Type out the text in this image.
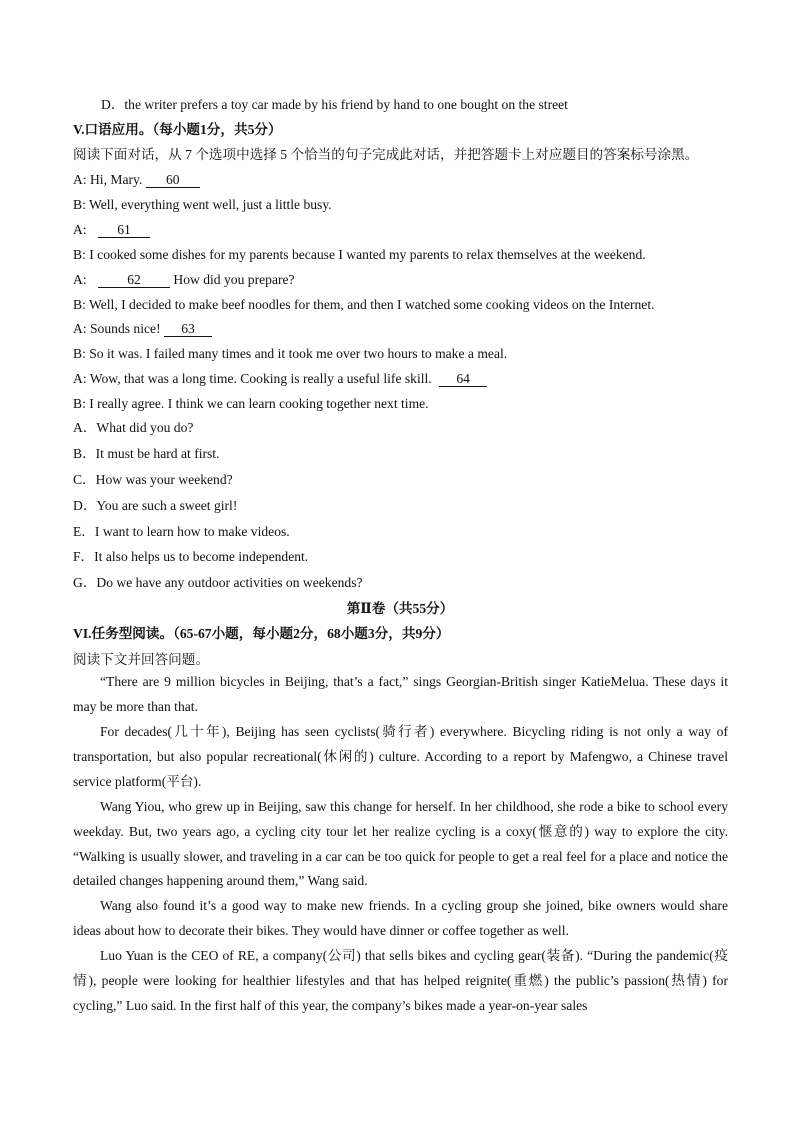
D．the writer prefers a toy car made by his friend by hand to one bought on the street
V.口语应用。（每小题1分，共5分）
阅读下面对话，从 7 个选项中选择 5 个恰当的句子完成此对话，并把答题卡上对应题目的答案标号涂黑。
A: Hi, Mary. 60
B: Well, everything went well, just a little busy.
A: 61
B: I cooked some dishes for my parents because I wanted my parents to relax themselves at the weekend.
A:	62 How did you prepare?
B: Well, I decided to make beef noodles for them, and then I watched some cooking videos on the Internet.
A: Sounds nice! 63
B: So it was. I failed many times and it took me over two hours to make a meal.
A: Wow, that was a long time. Cooking is really a useful life skill. 64
B: I really agree. I think we can learn cooking together next time.
A．What did you do?
B．It must be hard at first.
C．How was your weekend?
D．You are such a sweet girl!
E．I want to learn how to make videos.
F．It also helps us to become independent.
G．Do we have any outdoor activities on weekends?
第Ⅱ卷（共55分）
VI.任务型阅读。（65-67小题，每小题2分，68小题3分，共9分）
阅读下文并回答问题。
“There are 9 million bicycles in Beijing, that’s a fact,” sings Georgian-British singer KatieMelua. These days it may be more than that.
For decades(几十年), Beijing has seen cyclists(骑行者) everywhere. Bicycling riding is not only a way of transportation, but also popular recreational(休闲的) culture. According to a report by Mafengwo, a Chinese travel service platform(平台).
Wang Yiou, who grew up in Beijing, saw this change for herself. In her childhood, she rode a bike to school every weekday. But, two years ago, a cycling city tour let her realize cycling is a coxy(惬意的) way to explore the city. “Walking is usually slower, and traveling in a car can be too quick for people to get a real feel for a place and notice the detailed changes happening around them,” Wang said.
Wang also found it’s a good way to make new friends. In a cycling group she joined, bike owners would share ideas about how to decorate their bikes. They would have dinner or coffee together as well.
Luo Yuan is the CEO of RE, a company(公司) that sells bikes and cycling gear(装备). “During the pandemic(疫情), people were looking for healthier lifestyles and that has helped reignite(重燃) the public’s passion(热情) for cycling,” Luo said. In the first half of this year, the company’s bikes made a year-on-year sales
